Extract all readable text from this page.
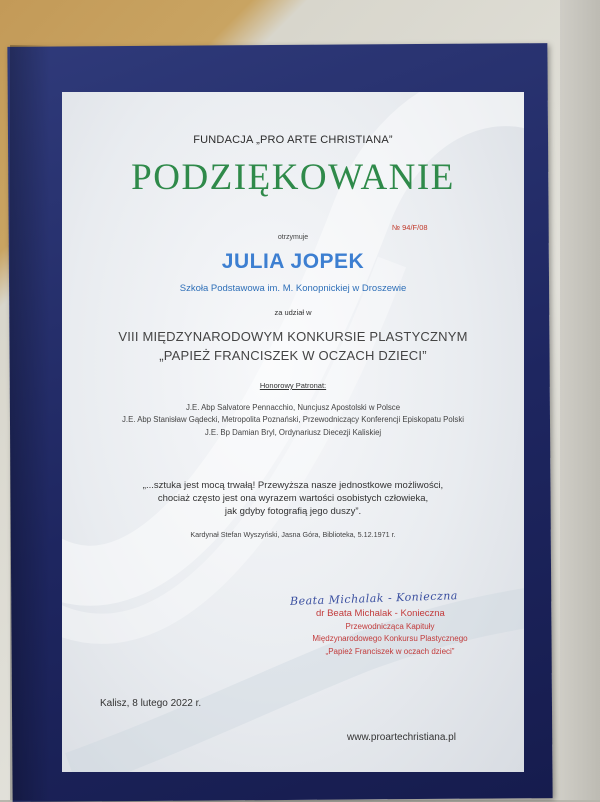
FUNDACJA „PRO ARTE CHRISTIANA”
PODZIĘKOWANIE
№ 94/F/08
otrzymuje
JULIA JOPEK
Szkoła Podstawowa im. M. Konopnickiej w Droszewie
za udział w
VIII MIĘDZYNARODOWYM KONKURSIE PLASTYCZNYM
„PAPIEŻ FRANCISZEK W OCZACH DZIECI”
Honorowy Patronat:
J.E. Abp Salvatore Pennacchio, Nuncjusz Apostolski w Polsce
J.E. Abp Stanisław Gądecki, Metropolita Poznański, Przewodniczący Konferencji Episkopatu Polski
J.E. Bp Damian Bryl, Ordynariusz Diecezji Kaliskiej
„...sztuka jest mocą trwałą! Przewyższa nasze jednostkowe możliwości,
chociaż często jest ona wyrazem wartości osobistych człowieka,
jak gdyby fotografią jego duszy”.
Kardynał Stefan Wyszyński, Jasna Góra, Biblioteka, 5.12.1971 r.
Beata Michalak - Konieczna
dr Beata Michalak - Konieczna
Przewodnicząca Kapituły
Międzynarodowego Konkursu Plastycznego
„Papież Franciszek w oczach dzieci”
Kalisz, 8 lutego 2022 r.
www.proartechristiana.pl
